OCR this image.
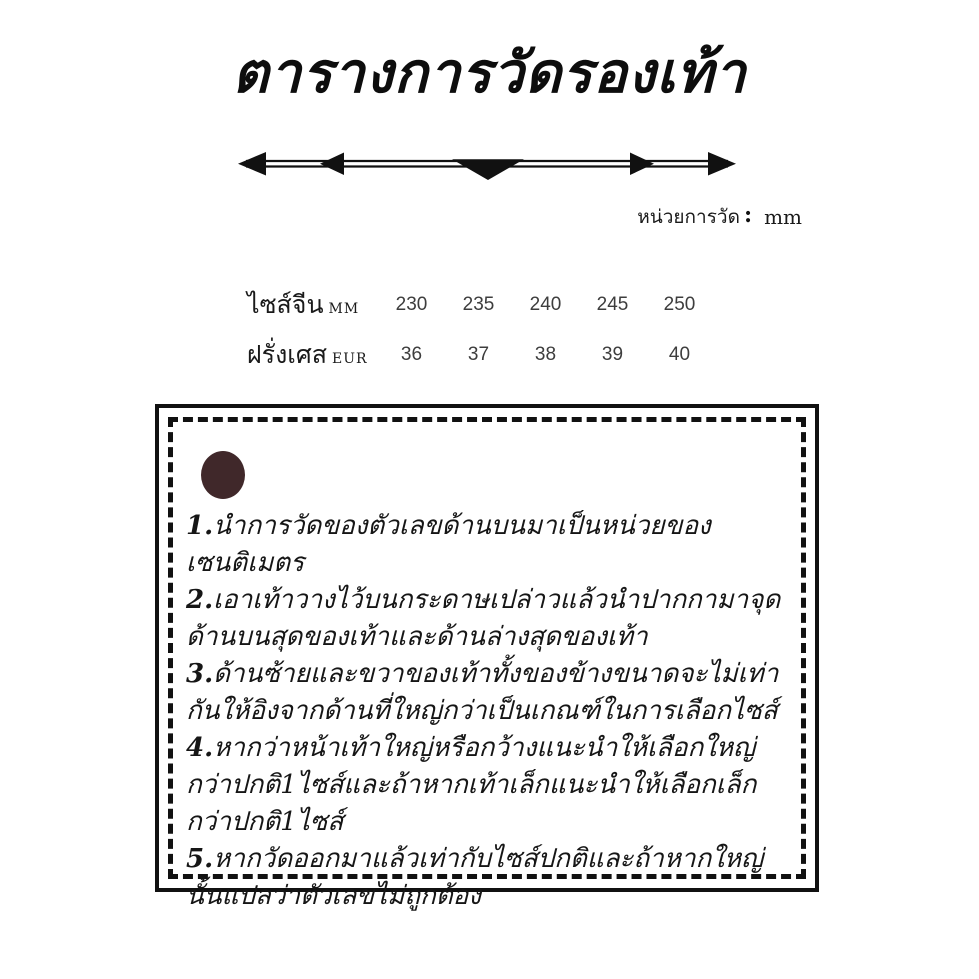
ตารางการวัดรองเท้า
หน่วยการวัด : mm
ไซส์จีน MM	230	235	240	245	250
ฝรั่งเศส EUR	36	37	38	39	40

1.นำการวัดของตัวเลขด้านบนมาเป็นหน่วยของเซนติเมตร

2.เอาเท้าวางไว้บนกระดาษเปล่าวแล้วนำปากกามาจุดด้านบนสุดของเท้าและด้านล่างสุดของเท้า

3.ด้านซ้ายและขวาของเท้าทั้งของข้างขนาดจะไม่เท่ากันให้อิงจากด้านที่ใหญ่กว่าเป็นเกณฑ์ในการเลือกไซส์

4.หากว่าหน้าเท้าใหญ่หรือกว้างแนะนำให้เลือกใหญ่กว่าปกติ1ไซส์และถ้าหากเท้าเล็กแนะนำให้เลือกเล็กกว่าปกติ1ไซส์

5.หากวัดออกมาแล้วเท่ากับไซส์ปกติและถ้าหากใหญ่นั้นแปลว่าตัวเลขไม่ถูกต้อง
